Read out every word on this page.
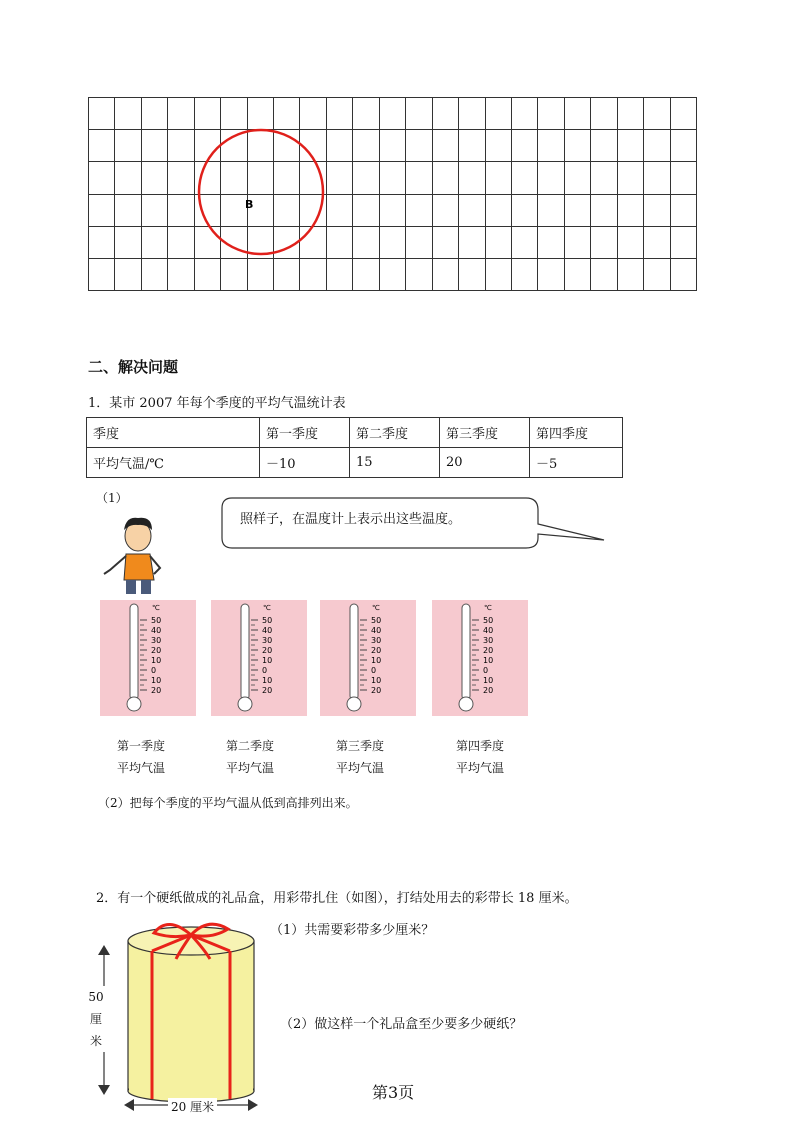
B
二、解决问题
1．某市 2007 年每个季度的平均气温统计表
季度	第一季度	第二季度	第三季度	第四季度
平均气温/℃	－10	15	20	－5
（1）
照样子，在温度计上表示出这些温度。
℃
50
40
30
20
10
0
10
20
℃
50
40
30
20
10
0
10
20
℃
50
40
30
20
10
0
10
20
℃
50
40
30
20
10
0
10
20
第一季度
平均气温
第二季度
平均气温
第三季度
平均气温
第四季度
平均气温
（2）把每个季度的平均气温从低到高排列出来。
2．有一个硬纸做成的礼品盒，用彩带扎住（如图），打结处用去的彩带长 18 厘米。
（1）共需要彩带多少厘米？
（2）做这样一个礼品盒至少要多少硬纸？
50
厘
米
20 厘米
第3页
